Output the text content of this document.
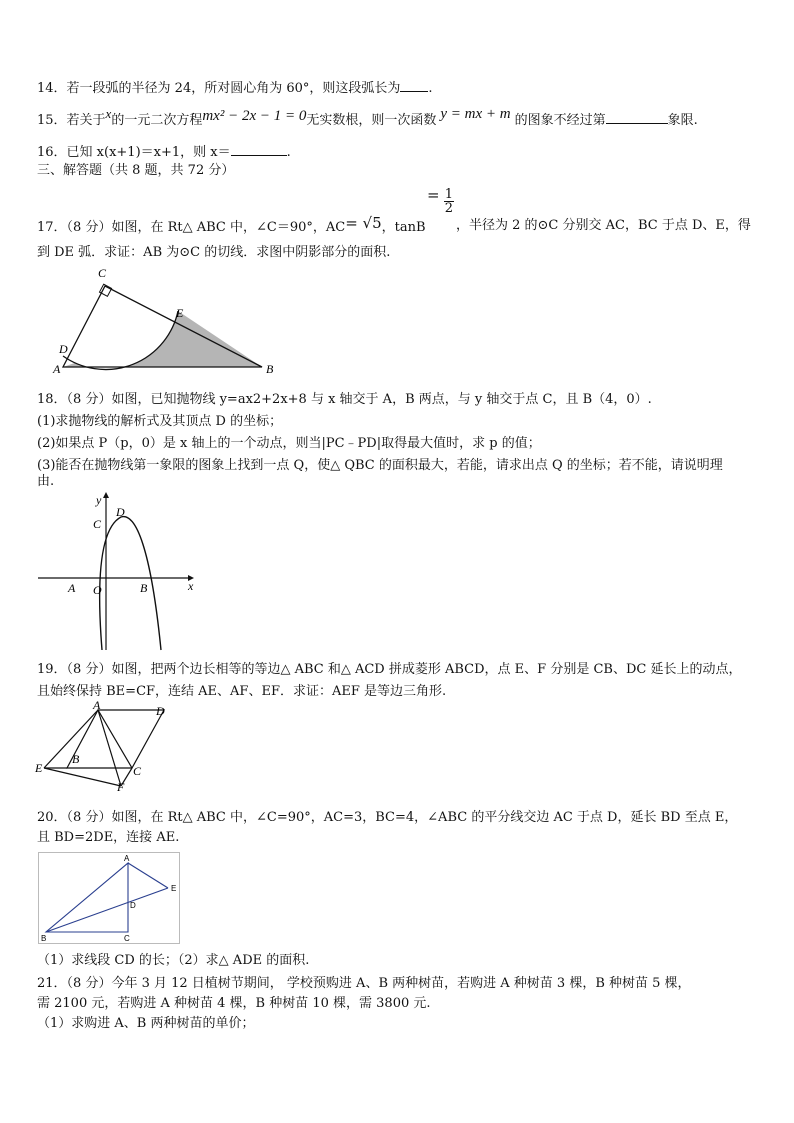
14．若一段弧的半径为 24，所对圆心角为 60°，则这段弧长为 .
15．若关于x的一元二次方程mx² − 2x − 1 = 0无实数根，则一次函数 y = mx + m 的图象不经过第	象限.
16．已知 x(x+1)＝x+1，则 x＝	.
三、解答题（共 8 题，共 72 分）
17．（8 分）如图，在 Rt△ ABC 中，∠C＝90°，AC= √5，tanB
= $\frac{1}{2}$
，半径为 2 的⊙C 分别交 AC，BC 于点 D、E，得
到 DE 弧．求证：AB 为⊙C 的切线．求图中阴影部分的面积.
C
E
D
A	B
18．（8 分）如图，已知抛物线 y=ax2+2x+8 与 x 轴交于 A，B 两点，与 y 轴交于点 C，且 B（4，0）.
(1)求抛物线的解析式及其顶点 D 的坐标；
(2)如果点 P（p，0）是 x 轴上的一个动点，则当|PC﹣PD|取得最大值时，求 p 的值；
(3)能否在抛物线第一象限的图象上找到一点 Q，使△ QBC 的面积最大，若能，请求出点 Q 的坐标；若不能，请说明理
由.
y
x
C
D
A O	B
19．（8 分）如图，把两个边长相等的等边△ ABC 和△ ACD 拼成菱形 ABCD，点 E、F 分别是 CB、DC 延长上的动点，
且始终保持 BE=CF，连结 AE、AF、EF．求证：AEF 是等边三角形.
A	D
B
E	C
F
20．（8 分）如图，在 Rt△ ABC 中，∠C=90°，AC=3，BC=4，∠ABC 的平分线交边 AC 于点 D，延长 BD 至点 E，
且 BD=2DE，连接 AE.
A
E
D
B	C
（1）求线段 CD 的长；（2）求△ ADE 的面积.
21．（8 分）今年 3 月 12 日植树节期间， 学校预购进 A、B 两种树苗，若购进 A 种树苗 3 棵，B 种树苗 5 棵，
需 2100 元，若购进 A 种树苗 4 棵，B 种树苗 10 棵，需 3800 元.
（1）求购进 A、B 两种树苗的单价；
